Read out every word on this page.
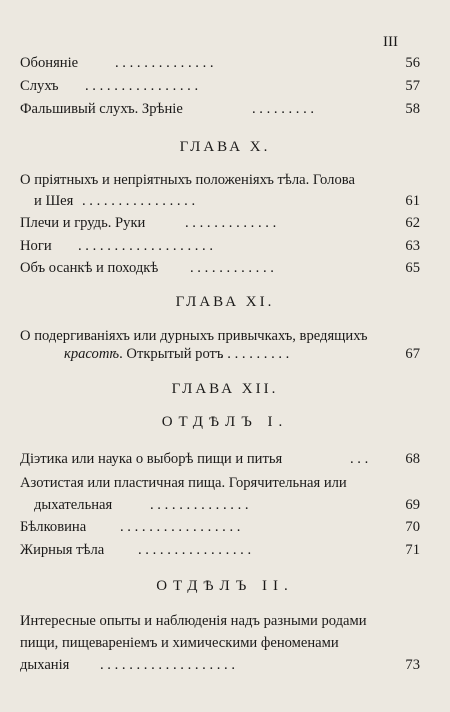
III
Обоняніе	. . . . . . . . . . . . . .	56
Слухъ . . . . . . . . . . . . . . . .	57
Фальшивый слухъ. Зрѣніе	. . . . . . . . .	58
ГЛАВА X.
О пріятныхъ и непріятныхъ положеніяхъ тѣла. Голова
и Шея . . . . . . . . . . . . . . . .	61
Плечи и грудь. Руки	. . . . . . . . . . . . .	62
Ноги . . . . . . . . . . . . . . . . . . .	63
Объ осанкѣ и походкѣ . . . . . . . . . . . .	65
ГЛАВА XI.
О подергиваніяхъ или дурныхъ привычкахъ, вредящихъ
красотѣ. Открытый ротъ
. . . . . . . . . .	67
ГЛАВА XII.
ОТДѢЛЪ I.
Діэтика или наука о выборѣ пищи и питья	. . .	68
Азотистая или пластичная пища. Горячительная или
дыхательная	. . . . . . . . . . . . . .	69
Бѣлковина . . . . . . . . . . . . . . . . .	70
Жирныя тѣла . . . . . . . . . . . . . . . .	71
ОТДѢЛЪ II.
Интересные опыты и наблюденія надъ разными родами
пищи, пищевареніемъ и химическими феноменами
дыханія . . . . . . . . . . . . . . . . . . .	73
